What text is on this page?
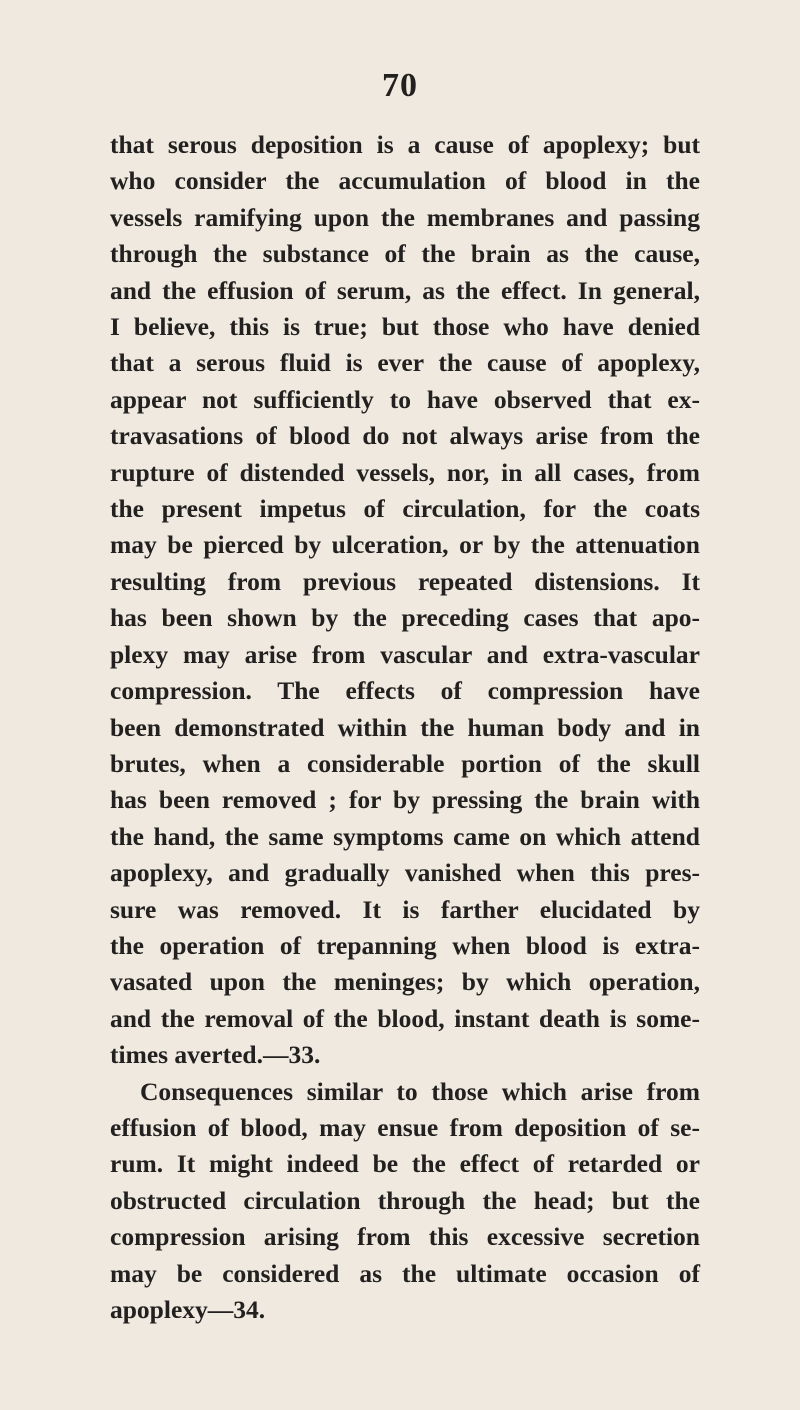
70
that serous deposition is a cause of apoplexy; but
who consider the accumulation of blood in the
vessels ramifying upon the membranes and passing
through the substance of the brain as the cause,
and the effusion of serum, as the effect. In general,
I believe, this is true; but those who have denied
that a serous fluid is ever the cause of apoplexy,
appear not sufficiently to have observed that ex-
travasations of blood do not always arise from the
rupture of distended vessels, nor, in all cases, from
the present impetus of circulation, for the coats
may be pierced by ulceration, or by the attenuation
resulting from previous repeated distensions. It
has been shown by the preceding cases that apo-
plexy may arise from vascular and extra-vascular
compression. The effects of compression have
been demonstrated within the human body and in
brutes, when a considerable portion of the skull
has been removed ; for by pressing the brain with
the hand, the same symptoms came on which attend
apoplexy, and gradually vanished when this pres-
sure was removed. It is farther elucidated by
the operation of trepanning when blood is extra-
vasated upon the meninges; by which operation,
and the removal of the blood, instant death is some-
times averted.—33.
Consequences similar to those which arise from
effusion of blood, may ensue from deposition of se-
rum. It might indeed be the effect of retarded or
obstructed circulation through the head; but the
compression arising from this excessive secretion
may be considered as the ultimate occasion of
apoplexy—34.
